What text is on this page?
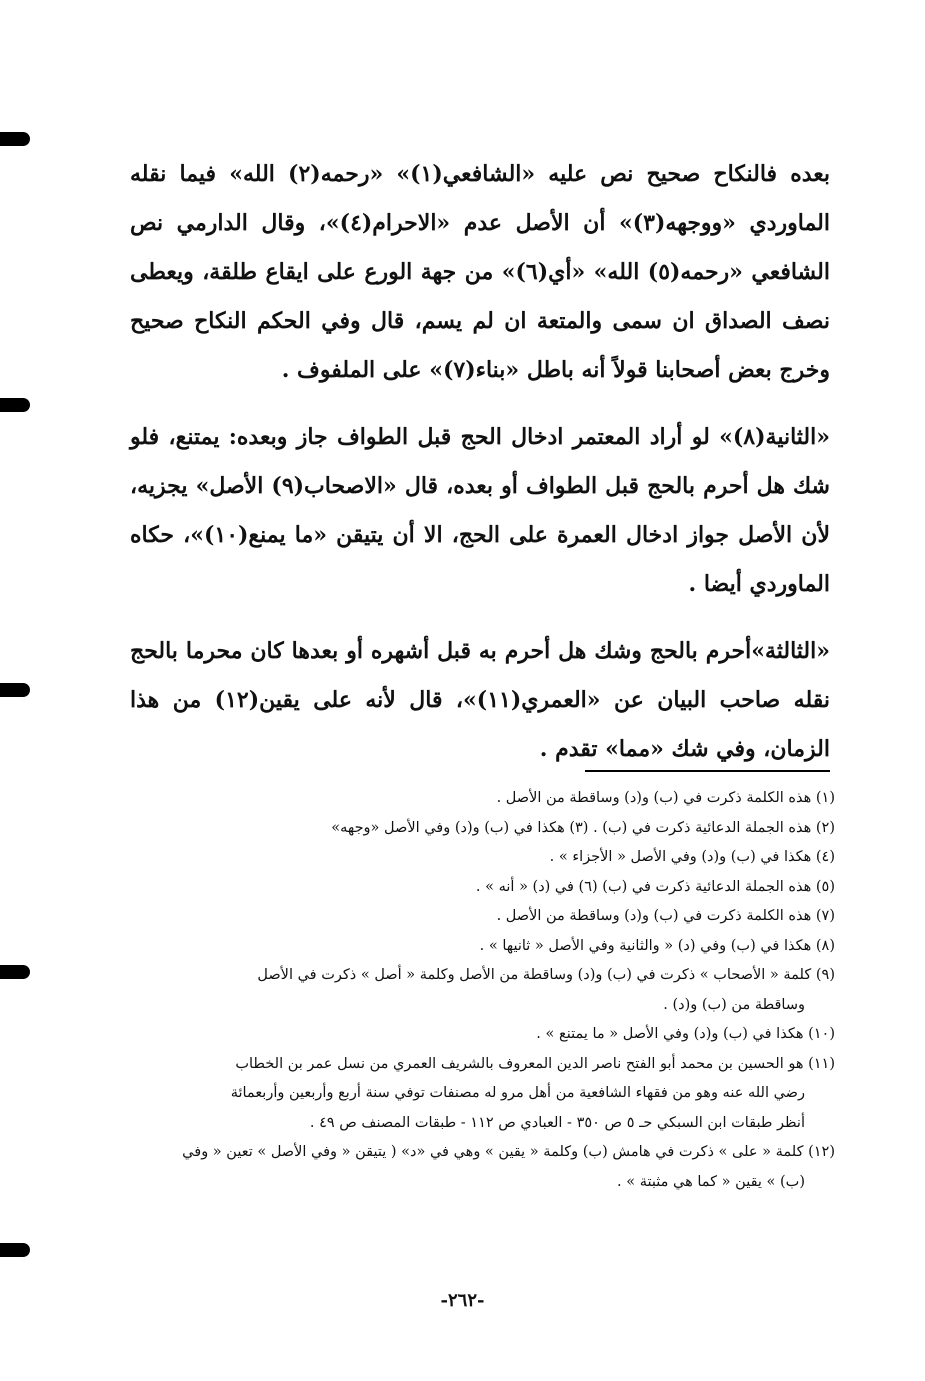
بعده فالنكاح صحيح نص عليه «الشافعي(١)» «رحمه(٢) الله» فيما نقله الماوردي «ووجهه(٣)» أن الأصل عدم «الاحرام(٤)»، وقال الدارمي نص الشافعي «رحمه(٥) الله» «أي(٦)» من جهة الورع على ايقاع طلقة، ويعطى نصف الصداق ان سمى والمتعة ان لم يسم، قال وفي الحكم النكاح صحيح وخرج بعض أصحابنا قولاً أنه باطل «بناء(٧)» على الملفوف .

«الثانية(٨)» لو أراد المعتمر ادخال الحج قبل الطواف جاز وبعده: يمتنع، فلو شك هل أحرم بالحج قبل الطواف أو بعده، قال «الاصحاب(٩) الأصل» يجزيه، لأن الأصل جواز ادخال العمرة على الحج، الا أن يتيقن «ما يمنع(١٠)»، حكاه الماوردي أيضا .

«الثالثة»أحرم بالحج وشك هل أحرم به قبل أشهره أو بعدها كان محرما بالحج نقله صاحب البيان عن «العمري(١١)»، قال لأنه على يقين(١٢) من هذا الزمان، وفي شك «مما» تقدم .

(١) هذه الكلمة ذكرت في (ب) و(د) وساقطة من الأصل .
(٢) هذه الجملة الدعائية ذكرت في (ب) . (٣) هكذا في (ب) و(د) وفي الأصل «وجهه»
(٤) هكذا في (ب) و(د) وفي الأصل « الأجزاء » .
(٥) هذه الجملة الدعائية ذكرت في (ب) (٦) في (د) « أنه » .
(٧) هذه الكلمة ذكرت في (ب) و(د) وساقطة من الأصل .
(٨) هكذا في (ب) وفي (د) « والثانية وفي الأصل « ثانيها » .
(٩) كلمة « الأصحاب » ذكرت في (ب) و(د) وساقطة من الأصل وكلمة « أصل » ذكرت في الأصل
وساقطة من (ب) و(د) .
(١٠) هكذا في (ب) و(د) وفي الأصل « ما يمتنع » .
(١١) هو الحسين بن محمد أبو الفتح ناصر الدين المعروف بالشريف العمري من نسل عمر بن الخطاب
رضي الله عنه وهو من فقهاء الشافعية من أهل مرو له مصنفات توفي سنة أربع وأربعين وأربعمائة
أنظر طبقات ابن السبكي حـ ٥ ص ٣٥٠ - العبادي ص ١١٢ - طبقات المصنف ص ٤٩ .
(١٢) كلمة « على » ذكرت في هامش (ب) وكلمة « يقين » وهي في «د» ( يتيقن « وفي الأصل » تعين « وفي
(ب) » يقين « كما هي مثبتة » .
-٢٦٢-
